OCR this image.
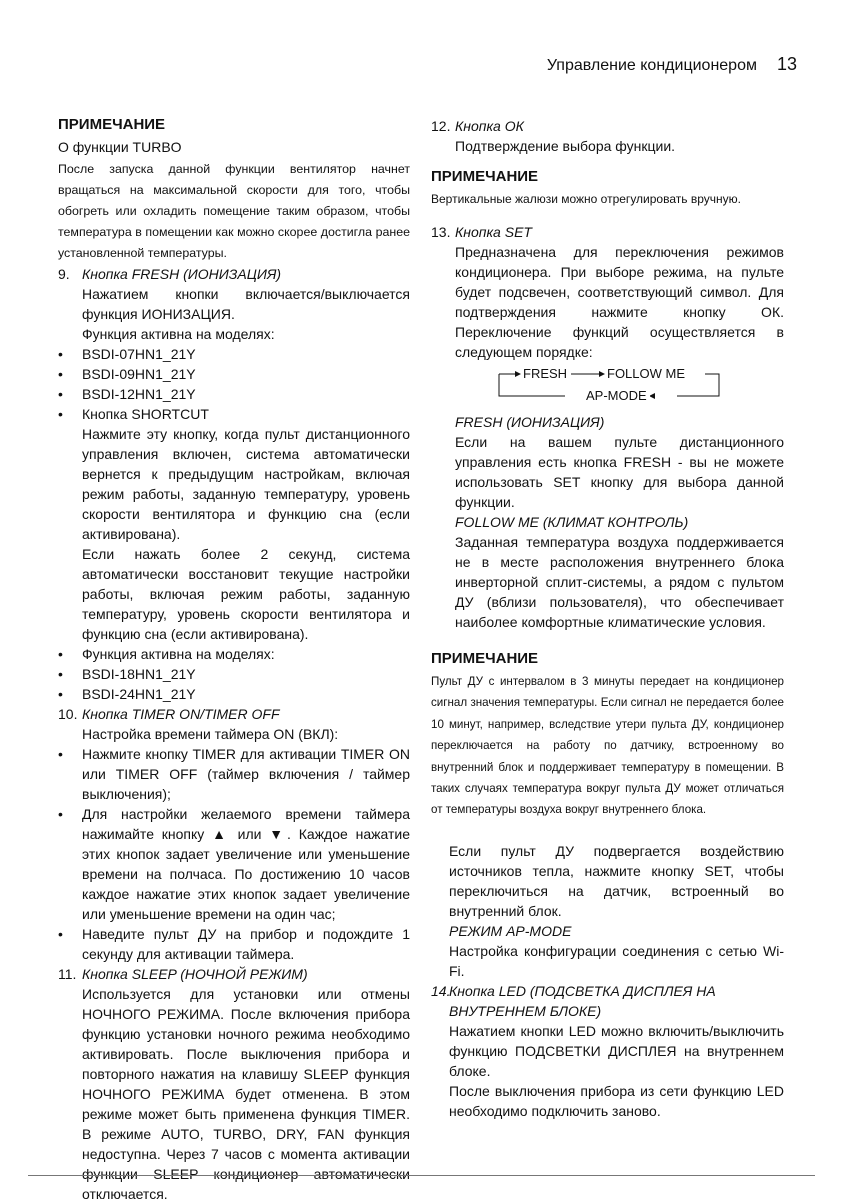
Управление кондиционером 13
ПРИМЕЧАНИЕ
О функции TURBO
После запуска данной функции вентилятор начнет вращаться на максимальной скорости для того, чтобы обогреть или охладить помещение таким образом, чтобы температура в помещении как можно скорее достигла ранее установленной температуры.
9. Кнопка FRESH (ИОНИЗАЦИЯ)
Нажатием кнопки включается/выключается функция ИОНИЗАЦИЯ.
Функция активна на моделях:
• BSDI-07HN1_21Y
• BSDI-09HN1_21Y
• BSDI-12HN1_21Y
• Кнопка SHORTCUT
Нажмите эту кнопку, когда пульт дистанционного управления включен, система автоматически вернется к предыдущим настройкам, включая режим работы, заданную температуру, уровень скорости вентилятора и функцию сна (если активирована).
Если нажать более 2 секунд, система автоматически восстановит текущие настройки работы, включая режим работы, заданную температуру, уровень скорости вентилятора и функцию сна (если активирована).
• Функция активна на моделях:
• BSDI-18HN1_21Y
• BSDI-24HN1_21Y
10. Кнопка TIMER ON/TIMER OFF
Настройка времени таймера ON (ВКЛ):
• Нажмите кнопку TIMER для активации TIMER ON или TIMER OFF (таймер включения / таймер выключения);
• Для настройки желаемого времени таймера нажимайте кнопку ▲ или ▼. Каждое нажатие этих кнопок задает увеличение или уменьшение времени на полчаса. По достижению 10 часов каждое нажатие этих кнопок задает увеличение или уменьшение времени на один час;
• Наведите пульт ДУ на прибор и подождите 1 секунду для активации таймера.
11. Кнопка SLEEP (НОЧНОЙ РЕЖИМ)
Используется для установки или отмены НОЧНОГО РЕЖИМА. После включения прибора функцию установки ночного режима необходимо активировать. После выключения прибора и повторного нажатия на клавишу SLEEP функция НОЧНОГО РЕЖИМА будет отменена. В этом режиме может быть применена функция TIMER. В режиме AUTO, TURBO, DRY, FAN функция недоступна. Через 7 часов с момента активации функции SLEEP кондиционер автоматически отключается.
12. Кнопка ОК
Подтверждение выбора функции.
ПРИМЕЧАНИЕ
Вертикальные жалюзи можно отрегулировать вручную.
13. Кнопка SET
Предназначена для переключения режимов кондиционера. При выборе режима, на пульте будет подсвечен, соответствующий символ. Для подтверждения нажмите кнопку ОК. Переключение функций осуществляется в следующем порядке:
FRESH	FOLLOW ME
AP-MODE
FRESH (ИОНИЗАЦИЯ)
Если на вашем пульте дистанционного управления есть кнопка FRESH - вы не можете использовать SET кнопку для выбора данной функции.
FOLLOW ME (КЛИМАТ КОНТРОЛЬ)
Заданная температура воздуха поддерживается не в месте расположения внутреннего блока инверторной сплит-системы, а рядом с пультом ДУ (вблизи пользователя), что обеспечивает наиболее комфортные климатические условия.
ПРИМЕЧАНИЕ
Пульт ДУ с интервалом в 3 минуты передает на кондиционер сигнал значения температуры. Если сигнал не передается более 10 минут, например, вследствие утери пульта ДУ, кондиционер переключается на работу по датчику, встроенному во внутренний блок и поддерживает температуру в помещении. В таких случаях температура вокруг пульта ДУ может отличаться от температуры воздуха вокруг внутреннего блока.
Если пульт ДУ подвергается воздействию источников тепла, нажмите кнопку SET, чтобы переключиться на датчик, встроенный во внутренний блок.
РЕЖИМ AP-MODE
Настройка конфигурации соединения с сетью Wi-Fi.
14.
Кнопка LED (ПОДСВЕТКА ДИСПЛЕЯ НА ВНУТРЕННЕМ БЛОКЕ)
Нажатием кнопки LED можно включить/выключить функцию ПОДСВЕТКИ ДИСПЛЕЯ на внутреннем блоке.
После выключения прибора из сети функцию LED необходимо подключить заново.
